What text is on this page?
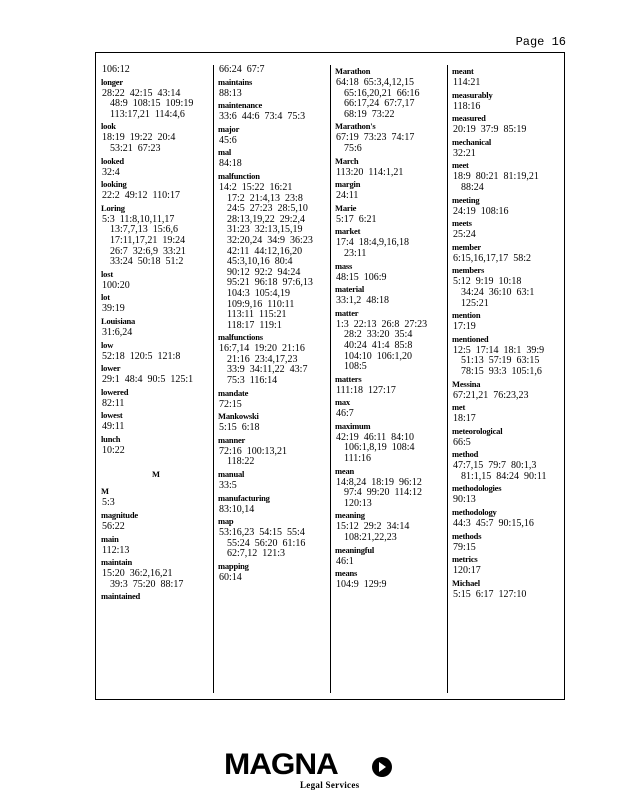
Page 16
106:12
longer
28:22  42:15  43:14
48:9  108:15  109:19
113:17,21  114:4,6
look
18:19  19:22  20:4
53:21  67:23
looked
32:4
looking
22:2  49:12  110:17
Loring
5:3  11:8,10,11,17
13:7,7,13  15:6,6
17:11,17,21  19:24
26:7  32:6,9  33:21
33:24  50:18  51:2
lost
100:20
lot
39:19
Louisiana
31:6,24
low
52:18  120:5  121:8
lower
29:1  48:4  90:5  125:1
lowered
82:11
lowest
49:11
lunch
10:22
M
M
5:3
magnitude
56:22
main
112:13
maintain
15:20  36:2,16,21
39:3  75:20  88:17
maintained
66:24  67:7
maintains
88:13
maintenance
33:6  44:6  73:4  75:3
major
45:6
mal
84:18
malfunction
14:2  15:22  16:21
17:2  21:4,13  23:8
24:5  27:23  28:5,10
28:13,19,22  29:2,4
31:23  32:13,15,19
32:20,24  34:9  36:23
42:11  44:12,16,20
45:3,10,16  80:4
90:12  92:2  94:24
95:21  96:18  97:6,13
104:3  105:4,19
109:9,16  110:11
113:11  115:21
118:17  119:1
malfunctions
16:7,14  19:20  21:16
21:16  23:4,17,23
33:9  34:11,22  43:7
75:3  116:14
mandate
72:15
Mankowski
5:15  6:18
manner
72:16  100:13,21
118:22
manual
33:5
manufacturing
83:10,14
map
53:16,23  54:15  55:4
55:24  56:20  61:16
62:7,12  121:3
mapping
60:14
Marathon
64:18  65:3,4,12,15
65:16,20,21  66:16
66:17,24  67:7,17
68:19  73:22
Marathon's
67:19  73:23  74:17
75:6
March
113:20  114:1,21
margin
24:11
Marie
5:17  6:21
market
17:4  18:4,9,16,18
23:11
mass
48:15  106:9
material
33:1,2  48:18
matter
1:3  22:13  26:8  27:23
28:2  33:20  35:4
40:24  41:4  85:8
104:10  106:1,20
108:5
matters
111:18  127:17
max
46:7
maximum
42:19  46:11  84:10
106:1,8,19  108:4
111:16
mean
14:8,24  18:19  96:12
97:4  99:20  114:12
120:13
meaning
15:12  29:2  34:14
108:21,22,23
meaningful
46:1
means
104:9  129:9
meant
114:21
measurably
118:16
measured
20:19  37:9  85:19
mechanical
32:21
meet
18:9  80:21  81:19,21
88:24
meeting
24:19  108:16
meets
25:24
member
6:15,16,17,17  58:2
members
5:12  9:19  10:18
34:24  36:10  63:1
125:21
mention
17:19
mentioned
12:5  17:14  18:1  39:9
51:13  57:19  63:15
78:15  93:3  105:1,6
Messina
67:21,21  76:23,23
met
18:17
meteorological
66:5
method
47:7,15  79:7  80:1,3
81:1,15  84:24  90:11
methodologies
90:13
methodology
44:3  45:7  90:15,16
methods
79:15
metrics
120:17
Michael
5:15  6:17  127:10
MAGNA
Legal Services
